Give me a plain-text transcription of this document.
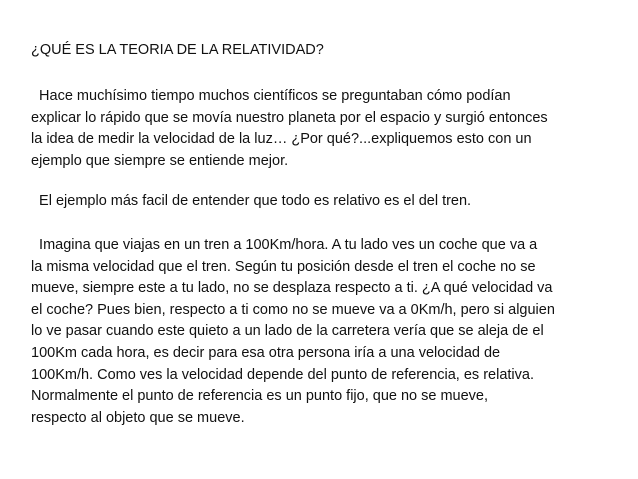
¿QUÉ ES LA TEORIA DE LA RELATIVIDAD?
Hace muchísimo tiempo muchos científicos se preguntaban cómo podían
explicar lo rápido que se movía nuestro planeta por el espacio y surgió entonces
la idea de medir la velocidad de la luz… ¿Por qué?...expliquemos esto con un
ejemplo que siempre se entiende mejor.
El ejemplo más facil de entender que todo es relativo es el del tren.
Imagina que viajas en un tren a 100Km/hora. A tu lado ves un coche que va a
la misma velocidad que el tren. Según tu posición desde el tren el coche no se
mueve, siempre este a tu lado, no se desplaza respecto a ti. ¿A qué velocidad va
el coche? Pues bien, respecto a ti como no se mueve va a 0Km/h, pero si alguien
lo ve pasar cuando este quieto a un lado de la carretera vería que se aleja de el
100Km cada hora, es decir para esa otra persona iría a una velocidad de
100Km/h. Como ves la velocidad depende del punto de referencia, es relativa.
Normalmente el punto de referencia es un punto fijo, que no se mueve,
respecto al objeto que se mueve.
